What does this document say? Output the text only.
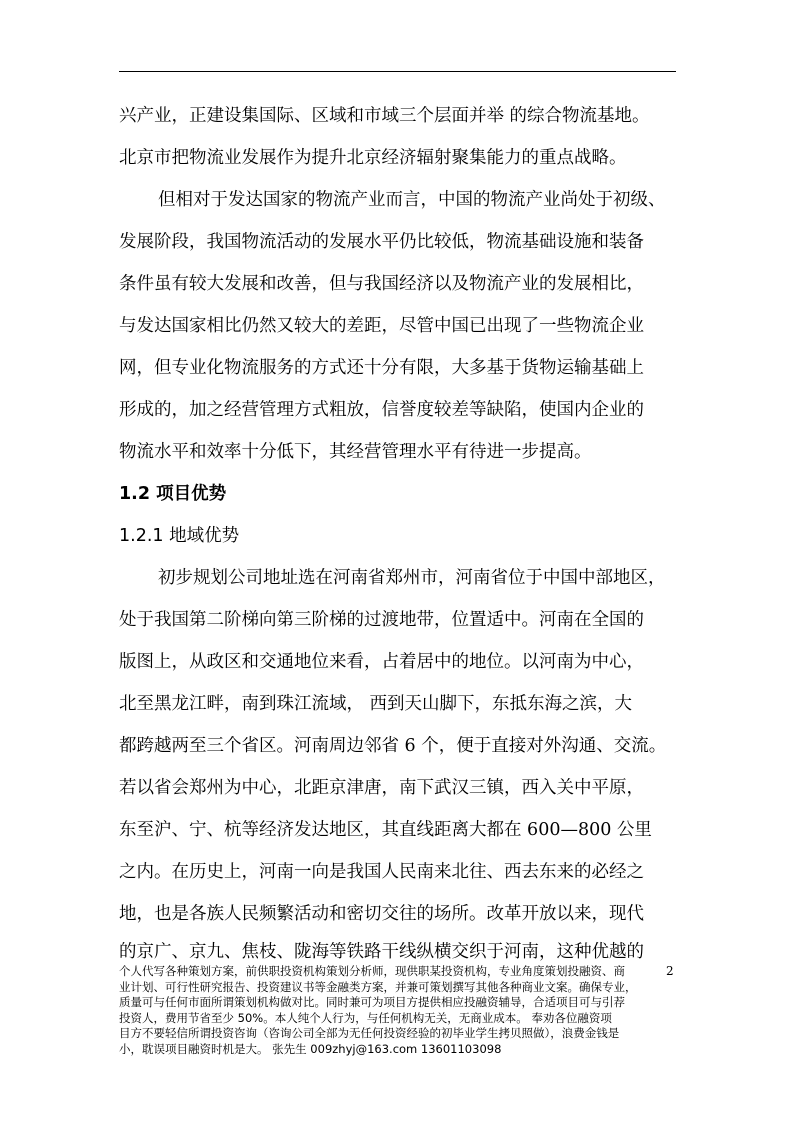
兴产业，正建设集国际、区域和市域三个层面并举 的综合物流基地。
北京市把物流业发展作为提升北京经济辐射聚集能力的重点战略。
但相对于发达国家的物流产业而言，中国的物流产业尚处于初级、
发展阶段，我国物流活动的发展水平仍比较低，物流基础设施和装备
条件虽有较大发展和改善，但与我国经济以及物流产业的发展相比，
与发达国家相比仍然又较大的差距，尽管中国已出现了一些物流企业
网，但专业化物流服务的方式还十分有限，大多基于货物运输基础上
形成的，加之经营管理方式粗放，信誉度较差等缺陷，使国内企业的
物流水平和效率十分低下，其经营管理水平有待进一步提高。
1.2 项目优势
1.2.1 地域优势
初步规划公司地址选在河南省郑州市，河南省位于中国中部地区，
处于我国第二阶梯向第三阶梯的过渡地带，位置适中。河南在全国的
版图上，从政区和交通地位来看，占着居中的地位。以河南为中心，
北至黑龙江畔，南到珠江流域， 西到天山脚下，东抵东海之滨，大
都跨越两至三个省区。河南周边邻省 6 个，便于直接对外沟通、交流。
若以省会郑州为中心，北距京津唐，南下武汉三镇，西入关中平原，
东至沪、宁、杭等经济发达地区，其直线距离大都在 600—800 公里
之内。在历史上，河南一向是我国人民南来北往、西去东来的必经之
地，也是各族人民频繁活动和密切交往的场所。改革开放以来，现代
的京广、京九、焦枝、陇海等铁路干线纵横交织于河南，这种优越的
个人代写各种策划方案，前供职投资机构策划分析师，现供职某投资机构，专业角度策划投融资、商
业计划、可行性研究报告、投资建议书等金融类方案，并兼可策划撰写其他各种商业文案。确保专业，
质量可与任何市面所谓策划机构做对比。同时兼可为项目方提供相应投融资辅导，合适项目可与引荐
投资人，费用节省至少 50%。本人纯个人行为，与任何机构无关，无商业成本。 奉劝各位融资项
目方不要轻信所谓投资咨询（咨询公司全部为无任何投资经验的初毕业学生拷贝照做），浪费金钱是
小，耽误项目融资时机是大。 张先生 009zhyj@163.com 13601103098
2
